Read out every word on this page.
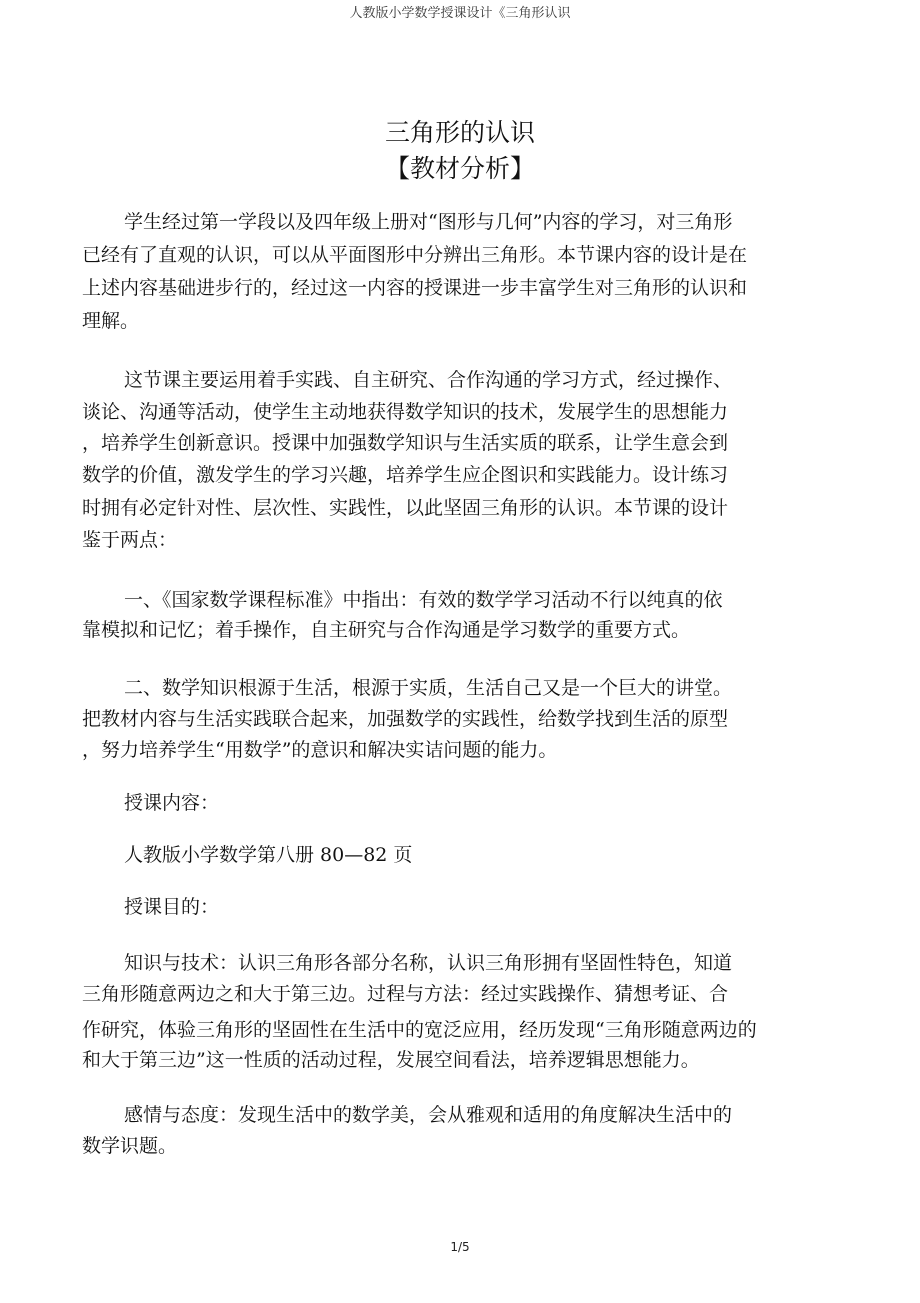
人教版小学数学授课设计《三角形认识
三角形的认识
【教材分析】
学生经过第一学段以及四年级上册对“图形与几何”内容的学习，对三角形
已经有了直观的认识，可以从平面图形中分辨出三角形。本节课内容的设计是在
上述内容基础进步行的，经过这一内容的授课进一步丰富学生对三角形的认识和
理解。
这节课主要运用着手实践、自主研究、合作沟通的学习方式，经过操作、
谈论、沟通等活动，使学生主动地获得数学知识的技术，发展学生的思想能力
，培养学生创新意识。授课中加强数学知识与生活实质的联系，让学生意会到
数学的价值，激发学生的学习兴趣，培养学生应企图识和实践能力。设计练习
时拥有必定针对性、层次性、实践性，以此坚固三角形的认识。本节课的设计
鉴于两点：
一、《国家数学课程标准》中指出：有效的数学学习活动不行以纯真的依
靠模拟和记忆；着手操作，自主研究与合作沟通是学习数学的重要方式。
二、数学知识根源于生活，根源于实质，生活自己又是一个巨大的讲堂。
把教材内容与生活实践联合起来，加强数学的实践性，给数学找到生活的原型
，努力培养学生“用数学”的意识和解决实诘问题的能力。
授课内容：
人教版小学数学第八册 80—82 页
授课目的：
知识与技术：认识三角形各部分名称，认识三角形拥有坚固性特色，知道
三角形随意两边之和大于第三边。过程与方法：经过实践操作、猜想考证、合
作研究，体验三角形的坚固性在生活中的宽泛应用，经历发现“三角形随意两边的
和大于第三边”这一性质的活动过程，发展空间看法，培养逻辑思想能力。
感情与态度：发现生活中的数学美，会从雅观和适用的角度解决生活中的
数学识题。
1/5
